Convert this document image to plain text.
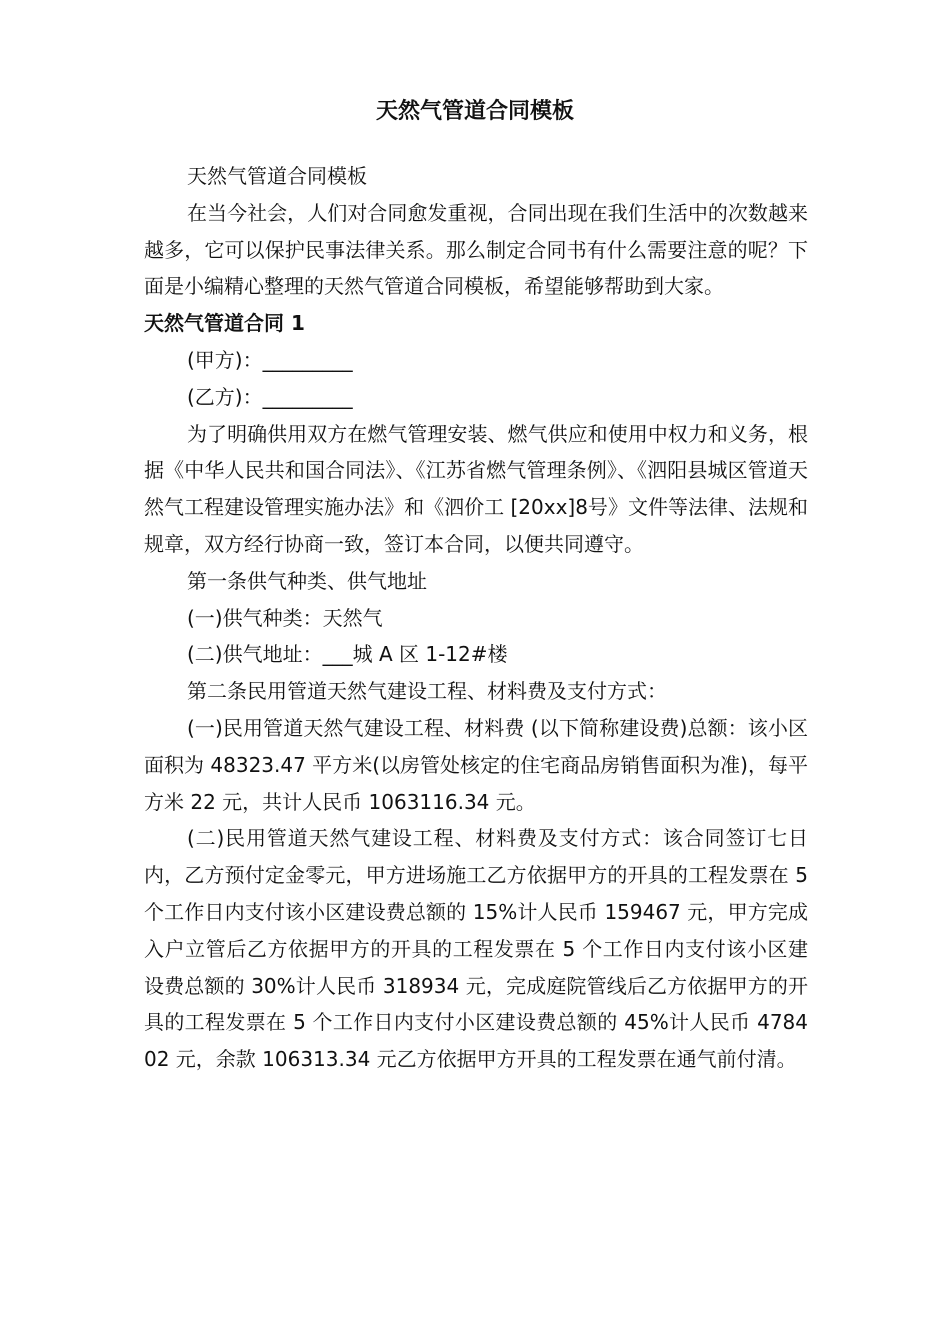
天然气管道合同模板

天然气管道合同模板

在当今社会，人们对合同愈发重视，合同出现在我们生活中的次数越来越多，它可以保护民事法律关系。那么制定合同书有什么需要注意的呢？下面是小编精心整理的天然气管道合同模板，希望能够帮助到大家。

天然气管道合同 1

(甲方)：_________

(乙方)：_________

为了明确供用双方在燃气管理安装、燃气供应和使用中权力和义务，根据《中华人民共和国合同法》、《江苏省燃气管理条例》、《泗阳县城区管道天然气工程建设管理实施办法》和《泗价工 [20xx]8号》文件等法律、法规和规章，双方经行协商一致，签订本合同，以便共同遵守。

第一条供气种类、供气地址

(一)供气种类：天然气

(二)供气地址：___城 A 区 1-12#楼

第二条民用管道天然气建设工程、材料费及支付方式：

(一)民用管道天然气建设工程、材料费 (以下简称建设费)总额：该小区面积为 48323.47 平方米(以房管处核定的住宅商品房销售面积为准)，每平方米 22 元，共计人民币 1063116.34 元。

(二)民用管道天然气建设工程、材料费及支付方式：该合同签订七日内，乙方预付定金零元，甲方进场施工乙方依据甲方的开具的工程发票在 5 个工作日内支付该小区建设费总额的 15%计人民币 159467 元，甲方完成入户立管后乙方依据甲方的开具的工程发票在 5 个工作日内支付该小区建设费总额的 30%计人民币 318934 元，完成庭院管线后乙方依据甲方的开具的工程发票在 5 个工作日内支付小区建设费总额的 45%计人民币 478402 元，余款 106313.34 元乙方依据甲方开具的工程发票在通气前付清。
